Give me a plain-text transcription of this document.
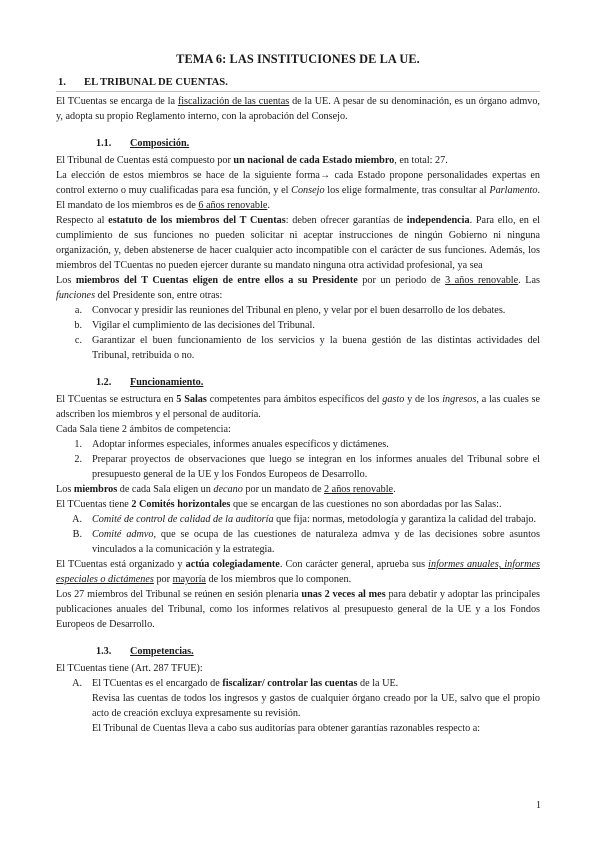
TEMA 6: LAS INSTITUCIONES DE LA UE.
1. EL TRIBUNAL DE CUENTAS.

El TCuentas se encarga de la fiscalización de las cuentas de la UE. A pesar de su denominación, es un órgano admvo, y, adopta su propio Reglamento interno, con la aprobación del Consejo.

1.1. Composición.

El Tribunal de Cuentas está compuesto por un nacional de cada Estado miembro, en total: 27.

La elección de estos miembros se hace de la siguiente forma→ cada Estado propone personalidades expertas en control externo o muy cualificadas para esa función, y el Consejo los elige formalmente, tras consultar al Parlamento. El mandato de los miembros es de 6 años renovable.

Respecto al estatuto de los miembros del T Cuentas: deben ofrecer garantías de independencia. Para ello, en el cumplimiento de sus funciones no pueden solicitar ni aceptar instrucciones de ningún Gobierno ni ninguna organización, y, deben abstenerse de hacer cualquier acto incompatible con el carácter de sus funciones. Además, los miembros del TCuentas no pueden ejercer durante su mandato ninguna otra actividad profesional, ya sea

Los miembros del T Cuentas eligen de entre ellos a su Presidente por un periodo de 3 años renovable. Las funciones del Presidente son, entre otras:

a. Convocar y presidir las reuniones del Tribunal en pleno, y velar por el buen desarrollo de los debates.
b. Vigilar el cumplimiento de las decisiones del Tribunal.
c. Garantizar el buen funcionamiento de los servicios y la buena gestión de las distintas actividades del Tribunal, retribuida o no.
1.2. Funcionamiento.

El TCuentas se estructura en 5 Salas competentes para ámbitos específicos del gasto y de los ingresos, a las cuales se adscriben los miembros y el personal de auditoría.

Cada Sala tiene 2 ámbitos de competencia:

1. Adoptar informes especiales, informes anuales específicos y dictámenes.
2. Preparar proyectos de observaciones que luego se integran en los informes anuales del Tribunal sobre el presupuesto general de la UE y los Fondos Europeos de Desarrollo.

Los miembros de cada Sala eligen un decano por un mandato de 2 años renovable.

El TCuentas tiene 2 Comités horizontales que se encargan de las cuestiones no son abordadas por las Salas:.

A. Comité de control de calidad de la auditoría que fija: normas, metodología y garantiza la calidad del trabajo.
B. Comité admvo, que se ocupa de las cuestiones de naturaleza admva y de las decisiones sobre asuntos vinculados a la comunicación y la estrategia.

El TCuentas está organizado y actúa colegiadamente. Con carácter general, aprueba sus informes anuales, informes especiales o dictámenes por mayoría de los miembros que lo componen.

Los 27 miembros del Tribunal se reúnen en sesión plenaria unas 2 veces al mes para debatir y adoptar las principales publicaciones anuales del Tribunal, como los informes relativos al presupuesto general de la UE y a los Fondos Europeos de Desarrollo.

1.3. Competencias.

El TCuentas tiene (Art. 287 TFUE):

A. El TCuentas es el encargado de fiscalizar/ controlar las cuentas de la UE.

Revisa las cuentas de todos los ingresos y gastos de cualquier órgano creado por la UE, salvo que el propio acto de creación excluya expresamente su revisión.

El Tribunal de Cuentas lleva a cabo sus auditorías para obtener garantías razonables respecto a:

1
